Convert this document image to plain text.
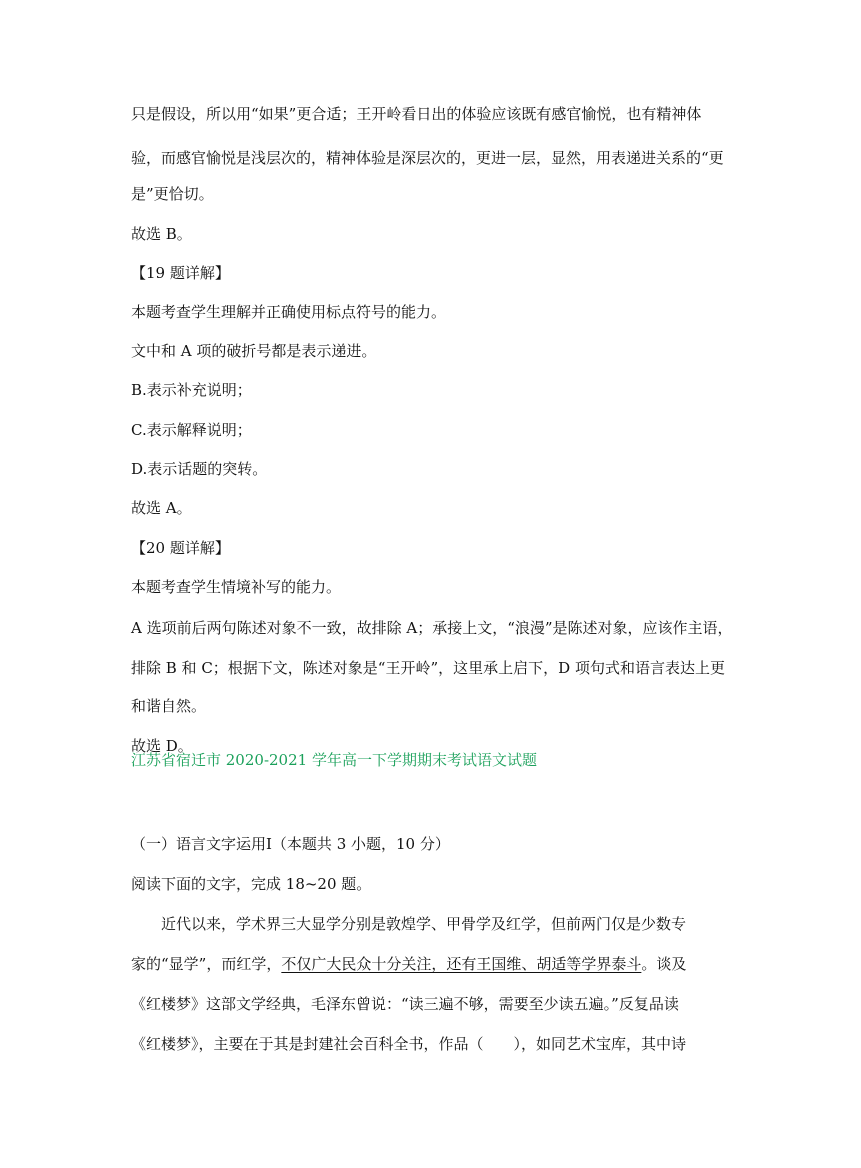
只是假设，所以用“如果”更合适；王开岭看日出的体验应该既有感官愉悦，也有精神体

验，而感官愉悦是浅层次的，精神体验是深层次的，更进一层，显然，用表递进关系的“更

是”更恰切。

故选 B。

【19 题详解】

本题考查学生理解并正确使用标点符号的能力。

文中和 A 项的破折号都是表示递进。

B.表示补充说明；

C.表示解释说明；

D.表示话题的突转。

故选 A。

【20 题详解】

本题考查学生情境补写的能力。

A 选项前后两句陈述对象不一致，故排除 A；承接上文，“浪漫”是陈述对象，应该作主语，

排除 B 和 C；根据下文，陈述对象是“王开岭”，这里承上启下，D 项句式和语言表达上更

和谐自然。

故选 D。

江苏省宿迁市 2020-2021 学年高一下学期期末考试语文试题

（一）语言文字运用Ⅰ（本题共 3 小题，10 分）

阅读下面的文字，完成 18~20 题。

近代以来，学术界三大显学分别是敦煌学、甲骨学及红学，但前两门仅是少数专

家的“显学”，而红学，不仅广大民众十分关注，还有王国维、胡适等学界泰斗。谈及

《红楼梦》这部文学经典，毛泽东曾说：“读三遍不够，需要至少读五遍。”反复品读

《红楼梦》，主要在于其是封建社会百科全书，作品（　　），如同艺术宝库，其中诗
